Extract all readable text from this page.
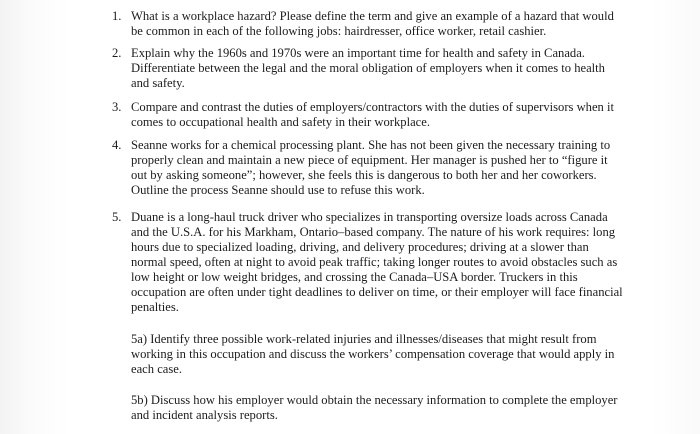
1. What is a workplace hazard? Please define the term and give an example of a hazard that would
be common in each of the following jobs: hairdresser, office worker, retail cashier.
2. Explain why the 1960s and 1970s were an important time for health and safety in Canada.
Differentiate between the legal and the moral obligation of employers when it comes to health
and safety.
3. Compare and contrast the duties of employers/contractors with the duties of supervisors when it
comes to occupational health and safety in their workplace.
4. Seanne works for a chemical processing plant. She has not been given the necessary training to
properly clean and maintain a new piece of equipment. Her manager is pushed her to “figure it
out by asking someone”; however, she feels this is dangerous to both her and her coworkers.
Outline the process Seanne should use to refuse this work.
5. Duane is a long-haul truck driver who specializes in transporting oversize loads across Canada
and the U.S.A. for his Markham, Ontario–based company. The nature of his work requires: long
hours due to specialized loading, driving, and delivery procedures; driving at a slower than
normal speed, often at night to avoid peak traffic; taking longer routes to avoid obstacles such as
low height or low weight bridges, and crossing the Canada–USA border. Truckers in this
occupation are often under tight deadlines to deliver on time, or their employer will face financial
penalties.
5a) Identify three possible work-related injuries and illnesses/diseases that might result from
working in this occupation and discuss the workers’ compensation coverage that would apply in
each case.
5b) Discuss how his employer would obtain the necessary information to complete the employer
and incident analysis reports.
